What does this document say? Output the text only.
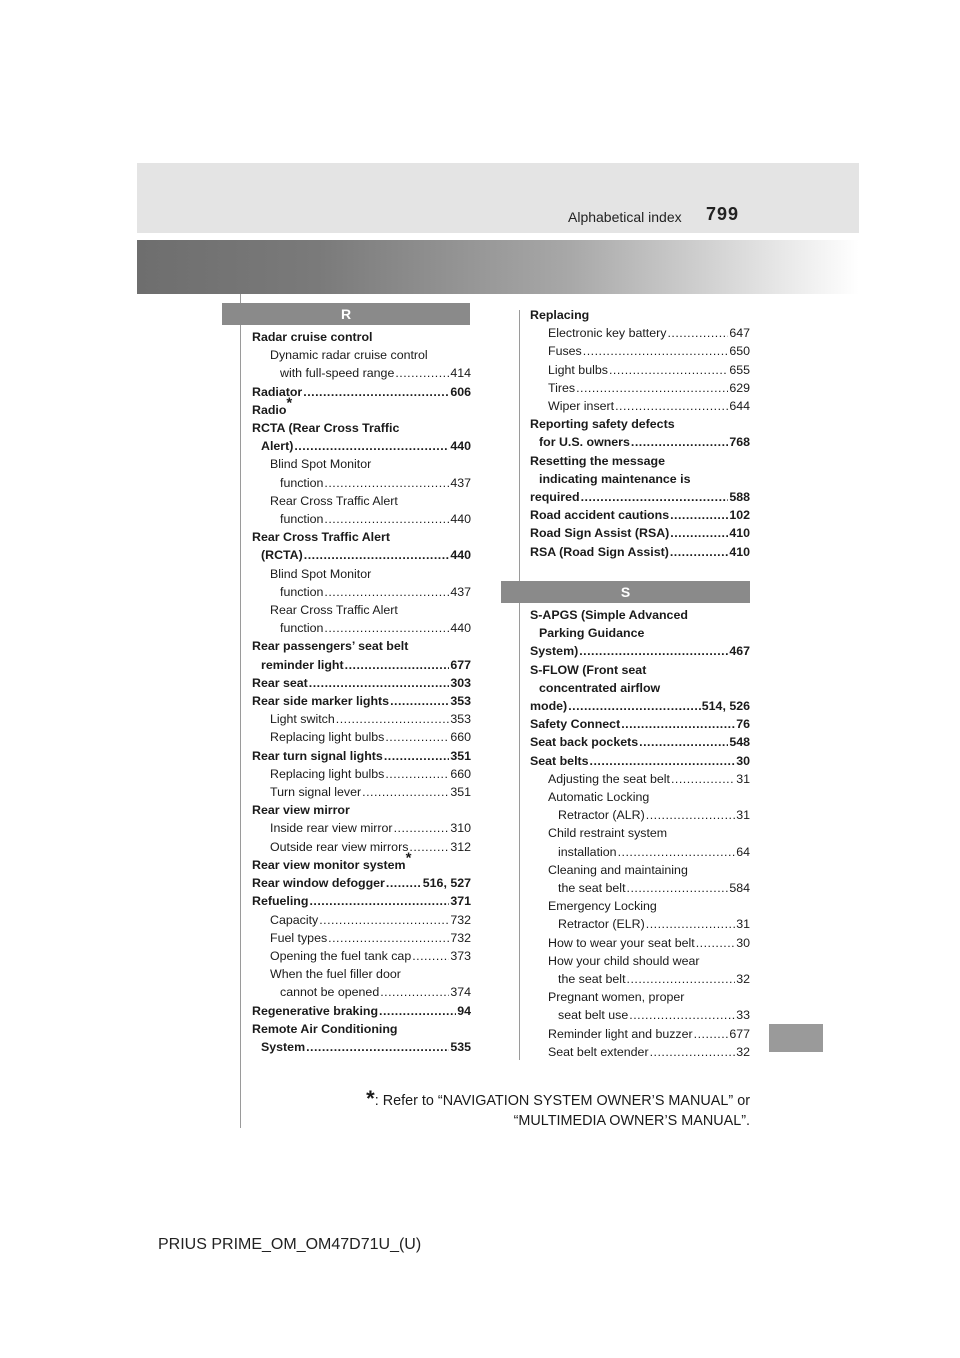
Alphabetical index 799
R
S
Radar cruise control
Dynamic radar cruise control
with full-speed range .....	414
Radiator .....	606
Radio*
RCTA (Rear Cross Traffic
Alert) .....	440
Blind Spot Monitor
function .....	437
Rear Cross Traffic Alert
function .....	440
Rear Cross Traffic Alert
(RCTA) .....	440
Blind Spot Monitor
function .....	437
Rear Cross Traffic Alert
function .....	440
Rear passengers’ seat belt
reminder light .....	677
Rear seat .....	303
Rear side marker lights .....	353
Light switch .....	353
Replacing light bulbs .....	660
Rear turn signal lights .....	351
Replacing light bulbs .....	660
Turn signal lever .....	351
Rear view mirror
Inside rear view mirror .....	310
Outside rear view mirrors .....	312
Rear view monitor system*
Rear window defogger .....	516, 527
Refueling .....	371
Capacity .....	732
Fuel types .....	732
Opening the fuel tank cap .....	373
When the fuel filler door
cannot be opened .....	374
Regenerative braking .....	94
Remote Air Conditioning
System .....	535
Replacing
Electronic key battery .....	647
Fuses .....	650
Light bulbs .....	655
Tires .....	629
Wiper insert .....	644
Reporting safety defects
for U.S. owners .....	768
Resetting the message
indicating maintenance is
required .....	588
Road accident cautions .....	102
Road Sign Assist (RSA) .....	410
RSA (Road Sign Assist) .....	410
S-APGS (Simple Advanced
Parking Guidance
System) .....	467
S-FLOW (Front seat
concentrated airflow
mode) .....	514, 526
Safety Connect .....	76
Seat back pockets .....	548
Seat belts .....	30
Adjusting the seat belt .....	31
Automatic Locking
Retractor (ALR) .....	31
Child restraint system
installation .....	64
Cleaning and maintaining
the seat belt .....	584
Emergency Locking
Retractor (ELR) .....	31
How to wear your seat belt .....	30
How your child should wear
the seat belt .....	32
Pregnant women, proper
seat belt use .....	33
Reminder light and buzzer .....	677
Seat belt extender .....	32
*: Refer to “NAVIGATION SYSTEM OWNER’S MANUAL” or
“MULTIMEDIA OWNER’S MANUAL”.
PRIUS PRIME_OM_OM47D71U_(U)
